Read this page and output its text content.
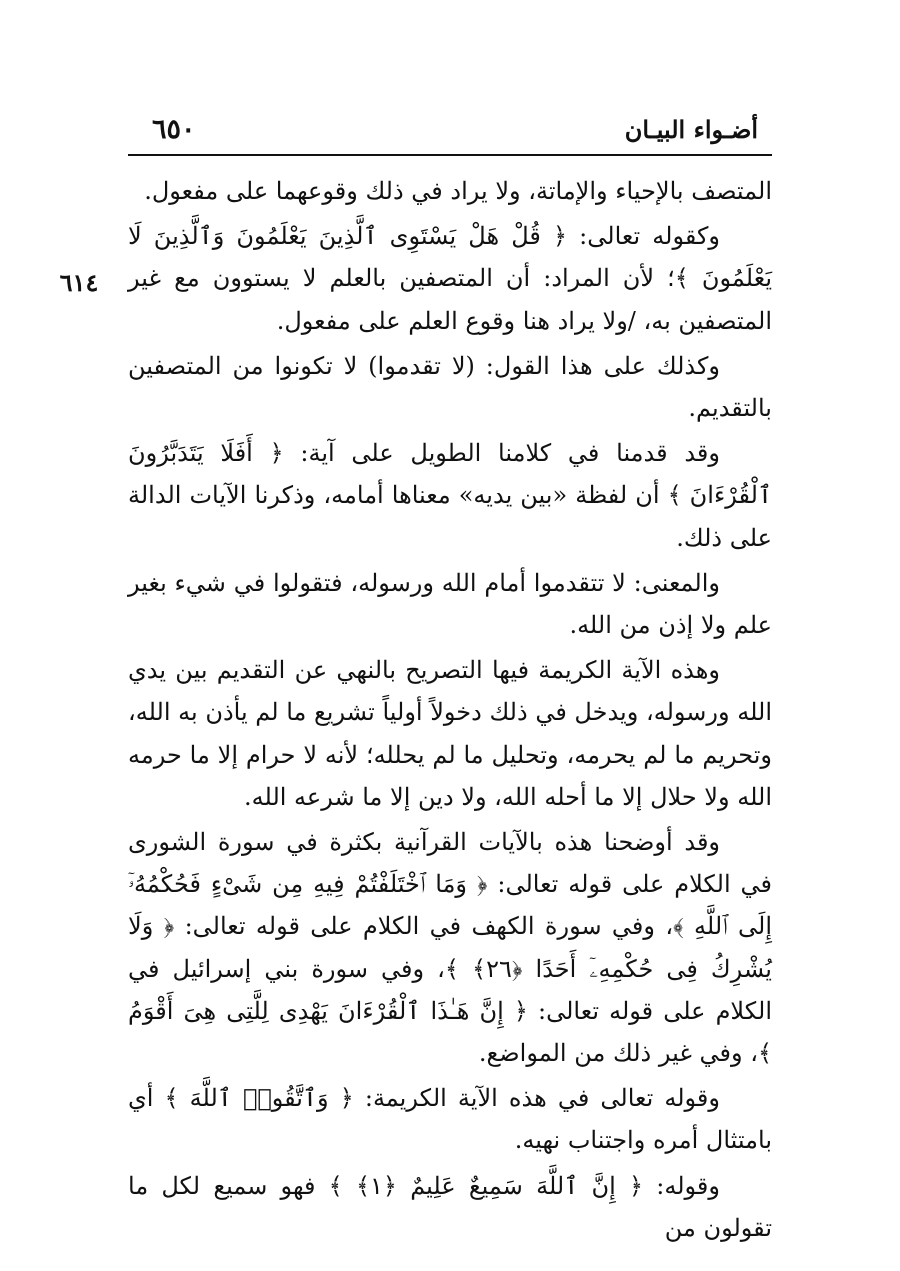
٦٥٠	أضـواء البيـان
٦١٤

المتصف بالإحياء والإماتة، ولا يراد في ذلك وقوعهما على مفعول.

وكقوله تعالى: ﴿ قُلْ هَلْ يَسْتَوِى ٱلَّذِينَ يَعْلَمُونَ وَٱلَّذِينَ لَا يَعْلَمُونَ ﴾؛ لأن المراد: أن المتصفين بالعلم لا يستوون مع غير المتصفين به، /ولا يراد هنا وقوع العلم على مفعول.

وكذلك على هذا القول: (لا تقدموا) لا تكونوا من المتصفين بالتقديم.

وقد قدمنا في كلامنا الطويل على آية: ﴿ أَفَلَا يَتَدَبَّرُونَ ٱلْقُرْءَانَ ﴾ أن لفظة «بين يديه» معناها أمامه، وذكرنا الآيات الدالة على ذلك.

والمعنى: لا تتقدموا أمام الله ورسوله، فتقولوا في شيء بغير علم ولا إذن من الله.

وهذه الآية الكريمة فيها التصريح بالنهي عن التقديم بين يدي الله ورسوله، ويدخل في ذلك دخولاً أولياً تشريع ما لم يأذن به الله، وتحريم ما لم يحرمه، وتحليل ما لم يحلله؛ لأنه لا حرام إلا ما حرمه الله ولا حلال إلا ما أحله الله، ولا دين إلا ما شرعه الله.

وقد أوضحنا هذه بالآيات القرآنية بكثرة في سورة الشورى في الكلام على قوله تعالى: ﴿ وَمَا ٱخْتَلَفْتُمْ فِيهِ مِن شَىْءٍ فَحُكْمُهُۥٓ إِلَى ٱللَّهِ ﴾، وفي سورة الكهف في الكلام على قوله تعالى: ﴿ وَلَا يُشْرِكُ فِى حُكْمِهِۦٓ أَحَدًا ﴿٢٦﴾ ﴾، وفي سورة بني إسرائيل في الكلام على قوله تعالى: ﴿ إِنَّ هَـٰذَا ٱلْقُرْءَانَ يَهْدِى لِلَّتِى هِىَ أَقْوَمُ ﴾، وفي غير ذلك من المواضع.

وقوله تعالى في هذه الآية الكريمة: ﴿ وَٱتَّقُوا۟ ٱللَّهَ ﴾ أي بامتثال أمره واجتناب نهيه.

وقوله: ﴿ إِنَّ ٱللَّهَ سَمِيعٌ عَلِيمٌ ﴿١﴾ ﴾ فهو سميع لكل ما تقولون من
